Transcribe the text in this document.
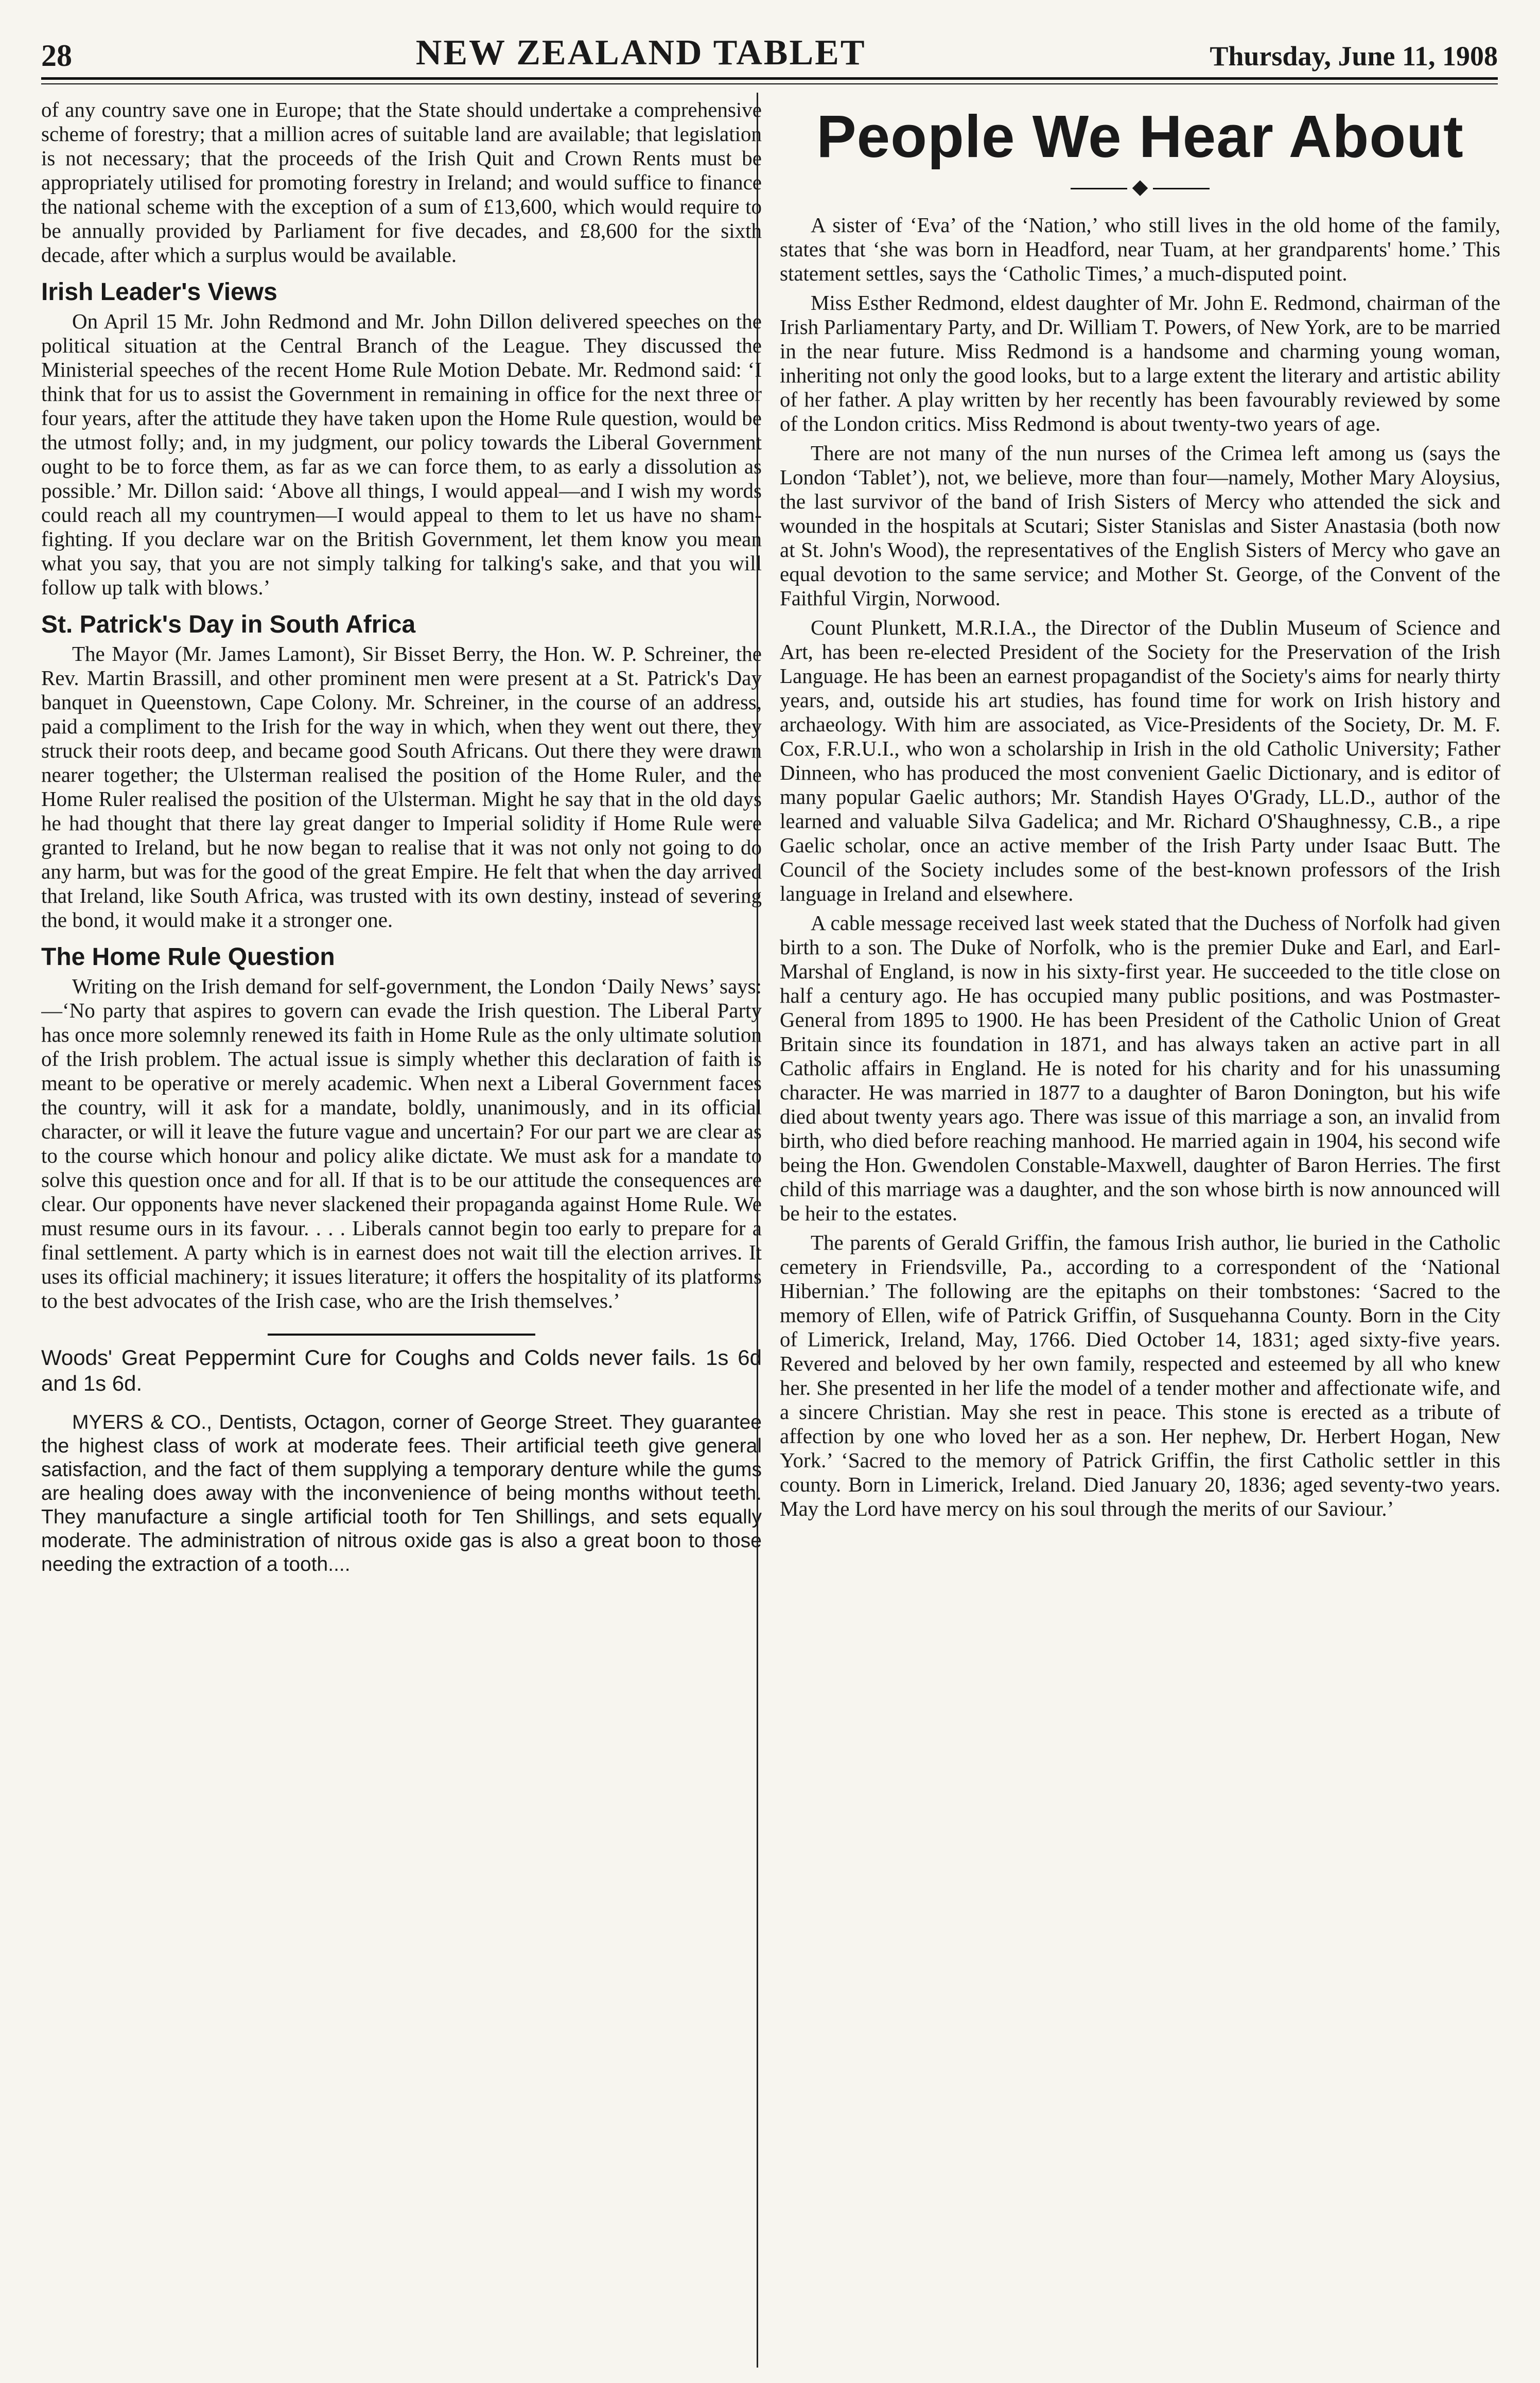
28	NEW ZEALAND TABLET	Thursday, June 11, 1908

of any country save one in Europe; that the State should undertake a comprehensive scheme of forestry; that a million acres of suitable land are available; that legislation is not necessary; that the proceeds of the Irish Quit and Crown Rents must be appropriately utilised for promoting forestry in Ireland; and would suffice to finance the national scheme with the exception of a sum of £13,600, which would require to be annually provided by Parliament for five decades, and £8,600 for the sixth decade, after which a surplus would be available.

Irish Leader's Views

On April 15 Mr. John Redmond and Mr. John Dillon delivered speeches on the political situation at the Central Branch of the League. They discussed the Ministerial speeches of the recent Home Rule Motion Debate. Mr. Redmond said: ‘I think that for us to assist the Government in remaining in office for the next three or four years, after the attitude they have taken upon the Home Rule question, would be the utmost folly; and, in my judgment, our policy towards the Liberal Government ought to be to force them, as far as we can force them, to as early a dissolution as possible.’ Mr. Dillon said: ‘Above all things, I would appeal—and I wish my words could reach all my countrymen—I would appeal to them to let us have no sham-fighting. If you declare war on the British Government, let them know you mean what you say, that you are not simply talking for talking's sake, and that you will follow up talk with blows.’

St. Patrick's Day in South Africa

The Mayor (Mr. James Lamont), Sir Bisset Berry, the Hon. W. P. Schreiner, the Rev. Martin Brassill, and other prominent men were present at a St. Patrick's Day banquet in Queenstown, Cape Colony. Mr. Schreiner, in the course of an address, paid a compliment to the Irish for the way in which, when they went out there, they struck their roots deep, and became good South Africans. Out there they were drawn nearer together; the Ulsterman realised the position of the Home Ruler, and the Home Ruler realised the position of the Ulsterman. Might he say that in the old days he had thought that there lay great danger to Imperial solidity if Home Rule were granted to Ireland, but he now began to realise that it was not only not going to do any harm, but was for the good of the great Empire. He felt that when the day arrived that Ireland, like South Africa, was trusted with its own destiny, instead of severing the bond, it would make it a stronger one.

The Home Rule Question

Writing on the Irish demand for self-government, the London ‘Daily News’ says:—‘No party that aspires to govern can evade the Irish question. The Liberal Party has once more solemnly renewed its faith in Home Rule as the only ultimate solution of the Irish problem. The actual issue is simply whether this declaration of faith is meant to be operative or merely academic. When next a Liberal Government faces the country, will it ask for a mandate, boldly, unanimously, and in its official character, or will it leave the future vague and uncertain? For our part we are clear as to the course which honour and policy alike dictate. We must ask for a mandate to solve this question once and for all. If that is to be our attitude the consequences are clear. Our opponents have never slackened their propaganda against Home Rule. We must resume ours in its favour. . . . Liberals cannot begin too early to prepare for a final settlement. A party which is in earnest does not wait till the election arrives. It uses its official machinery; it issues literature; it offers the hospitality of its platforms to the best advocates of the Irish case, who are the Irish themselves.’

Woods' Great Peppermint Cure for Coughs and Colds never fails. 1s 6d and 1s 6d.
MYERS & CO., Dentists, Octagon, corner of George Street. They guarantee the highest class of work at moderate fees. Their artificial teeth give general satisfaction, and the fact of them supplying a temporary denture while the gums are healing does away with the inconvenience of being months without teeth. They manufacture a single artificial tooth for Ten Shillings, and sets equally moderate. The administration of nitrous oxide gas is also a great boon to those needing the extraction of a tooth....
People We Hear About
◆

A sister of ‘Eva’ of the ‘Nation,’ who still lives in the old home of the family, states that ‘she was born in Headford, near Tuam, at her grandparents' home.’ This statement settles, says the ‘Catholic Times,’ a much-disputed point.

Miss Esther Redmond, eldest daughter of Mr. John E. Redmond, chairman of the Irish Parliamentary Party, and Dr. William T. Powers, of New York, are to be married in the near future. Miss Redmond is a handsome and charming young woman, inheriting not only the good looks, but to a large extent the literary and artistic ability of her father. A play written by her recently has been favourably reviewed by some of the London critics. Miss Redmond is about twenty-two years of age.

There are not many of the nun nurses of the Crimea left among us (says the London ‘Tablet’), not, we believe, more than four—namely, Mother Mary Aloysius, the last survivor of the band of Irish Sisters of Mercy who attended the sick and wounded in the hospitals at Scutari; Sister Stanislas and Sister Anastasia (both now at St. John's Wood), the representatives of the English Sisters of Mercy who gave an equal devotion to the same service; and Mother St. George, of the Convent of the Faithful Virgin, Norwood.

Count Plunkett, M.R.I.A., the Director of the Dublin Museum of Science and Art, has been re-elected President of the Society for the Preservation of the Irish Language. He has been an earnest propagandist of the Society's aims for nearly thirty years, and, outside his art studies, has found time for work on Irish history and archaeology. With him are associated, as Vice-Presidents of the Society, Dr. M. F. Cox, F.R.U.I., who won a scholarship in Irish in the old Catholic University; Father Dinneen, who has produced the most convenient Gaelic Dictionary, and is editor of many popular Gaelic authors; Mr. Standish Hayes O'Grady, LL.D., author of the learned and valuable Silva Gadelica; and Mr. Richard O'Shaughnessy, C.B., a ripe Gaelic scholar, once an active member of the Irish Party under Isaac Butt. The Council of the Society includes some of the best-known professors of the Irish language in Ireland and elsewhere.

A cable message received last week stated that the Duchess of Norfolk had given birth to a son. The Duke of Norfolk, who is the premier Duke and Earl, and Earl-Marshal of England, is now in his sixty-first year. He succeeded to the title close on half a century ago. He has occupied many public positions, and was Postmaster-General from 1895 to 1900. He has been President of the Catholic Union of Great Britain since its foundation in 1871, and has always taken an active part in all Catholic affairs in England. He is noted for his charity and for his unassuming character. He was married in 1877 to a daughter of Baron Donington, but his wife died about twenty years ago. There was issue of this marriage a son, an invalid from birth, who died before reaching manhood. He married again in 1904, his second wife being the Hon. Gwendolen Constable-Maxwell, daughter of Baron Herries. The first child of this marriage was a daughter, and the son whose birth is now announced will be heir to the estates.

The parents of Gerald Griffin, the famous Irish author, lie buried in the Catholic cemetery in Friendsville, Pa., according to a correspondent of the ‘National Hibernian.’ The following are the epitaphs on their tombstones: ‘Sacred to the memory of Ellen, wife of Patrick Griffin, of Susquehanna County. Born in the City of Limerick, Ireland, May, 1766. Died October 14, 1831; aged sixty-five years. Revered and beloved by her own family, respected and esteemed by all who knew her. She presented in her life the model of a tender mother and affectionate wife, and a sincere Christian. May she rest in peace. This stone is erected as a tribute of affection by one who loved her as a son. Her nephew, Dr. Herbert Hogan, New York.’ ‘Sacred to the memory of Patrick Griffin, the first Catholic settler in this county. Born in Limerick, Ireland. Died January 20, 1836; aged seventy-two years. May the Lord have mercy on his soul through the merits of our Saviour.’
